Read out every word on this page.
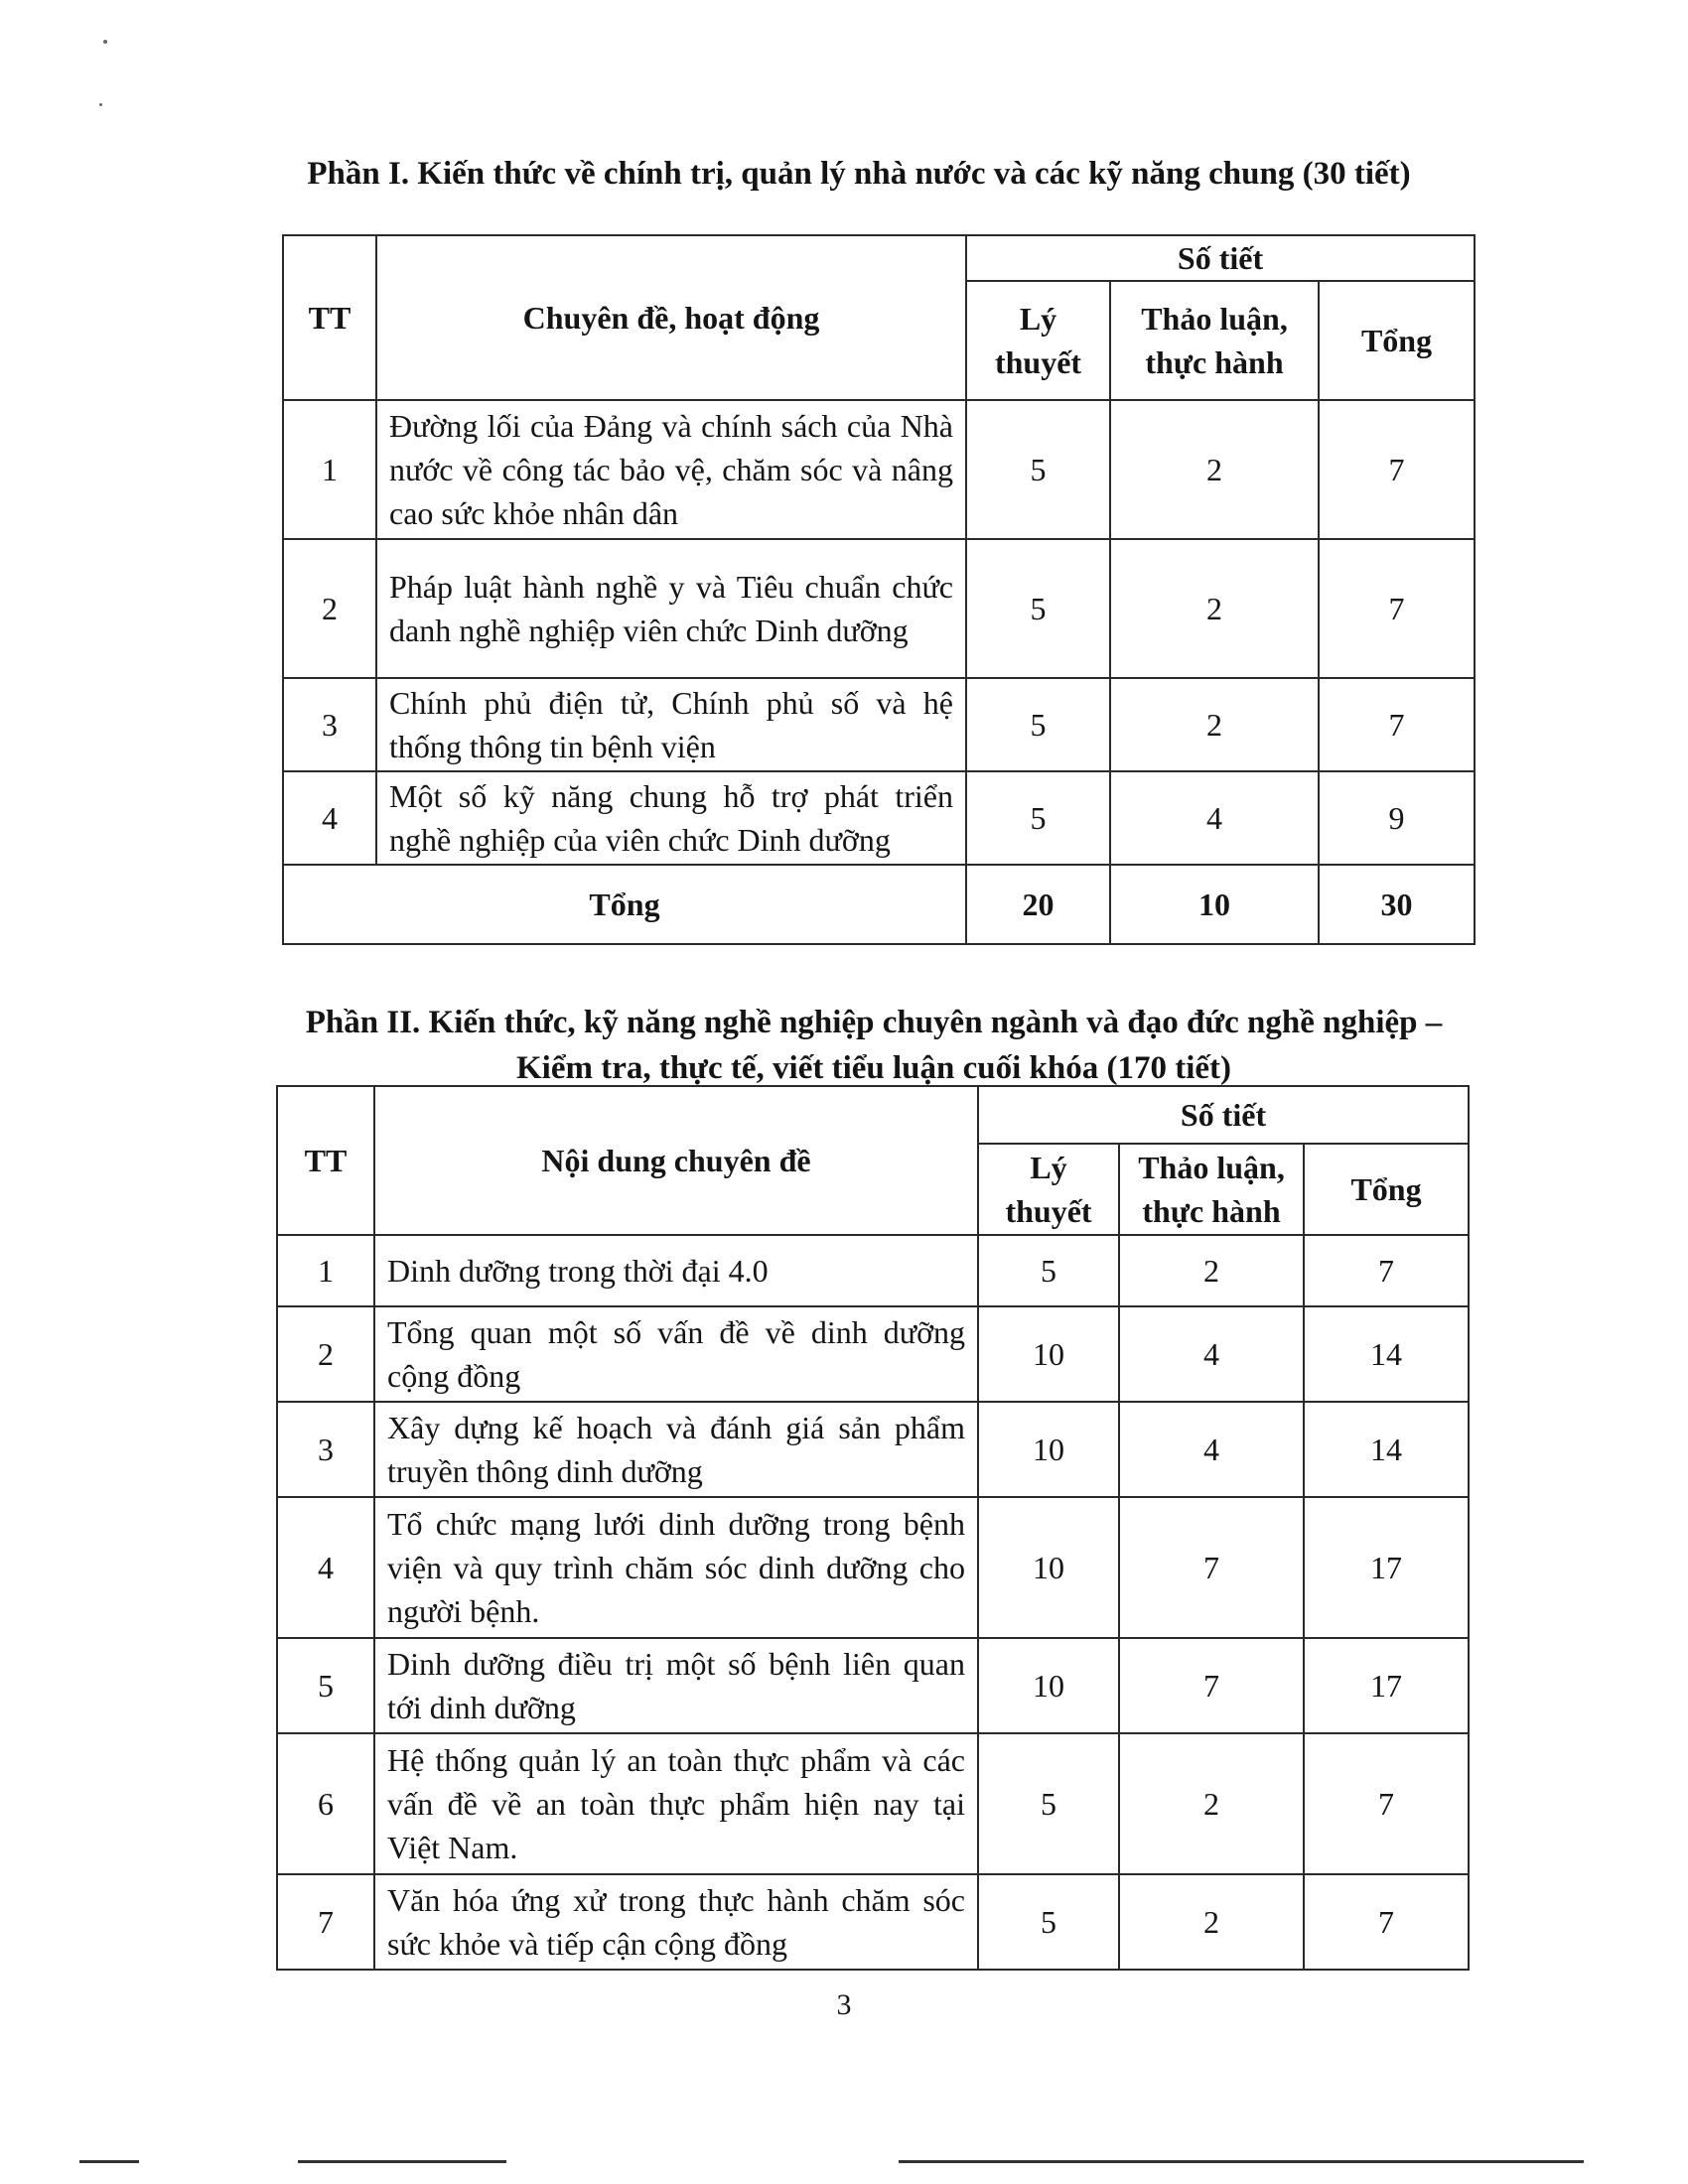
Phần I. Kiến thức về chính trị, quản lý nhà nước và các kỹ năng chung (30 tiết)
TT	Chuyên đề, hoạt động	Số tiết		
		Lý thuyết	Thảo luận, thực hành	Tổng
1	Đường lối của Đảng và chính sách của Nhà nước về công tác bảo vệ, chăm sóc và nâng cao sức khỏe nhân dân	5	2	7
2	Pháp luật hành nghề y và Tiêu chuẩn chức danh nghề nghiệp viên chức Dinh dưỡng	5	2	7
3	Chính phủ điện tử, Chính phủ số và hệ thống thông tin bệnh viện	5	2	7
4	Một số kỹ năng chung hỗ trợ phát triển nghề nghiệp của viên chức Dinh dưỡng	5	4	9
Tổng		20	10	30
Phần II. Kiến thức, kỹ năng nghề nghiệp chuyên ngành và đạo đức nghề nghiệp – Kiểm tra, thực tế, viết tiểu luận cuối khóa (170 tiết)
TT	Nội dung chuyên đề	Số tiết		
		Lý thuyết	Thảo luận, thực hành	Tổng
1	Dinh dưỡng trong thời đại 4.0	5	2	7
2	Tổng quan một số vấn đề về dinh dưỡng cộng đồng	10	4	14
3	Xây dựng kế hoạch và đánh giá sản phẩm truyền thông dinh dưỡng	10	4	14
4	Tổ chức mạng lưới dinh dưỡng trong bệnh viện và quy trình chăm sóc dinh dưỡng cho người bệnh.	10	7	17
5	Dinh dưỡng điều trị một số bệnh liên quan tới dinh dưỡng	10	7	17
6	Hệ thống quản lý an toàn thực phẩm và các vấn đề về an toàn thực phẩm hiện nay tại Việt Nam.	5	2	7
7	Văn hóa ứng xử trong thực hành chăm sóc sức khỏe và tiếp cận cộng đồng	5	2	7
3
